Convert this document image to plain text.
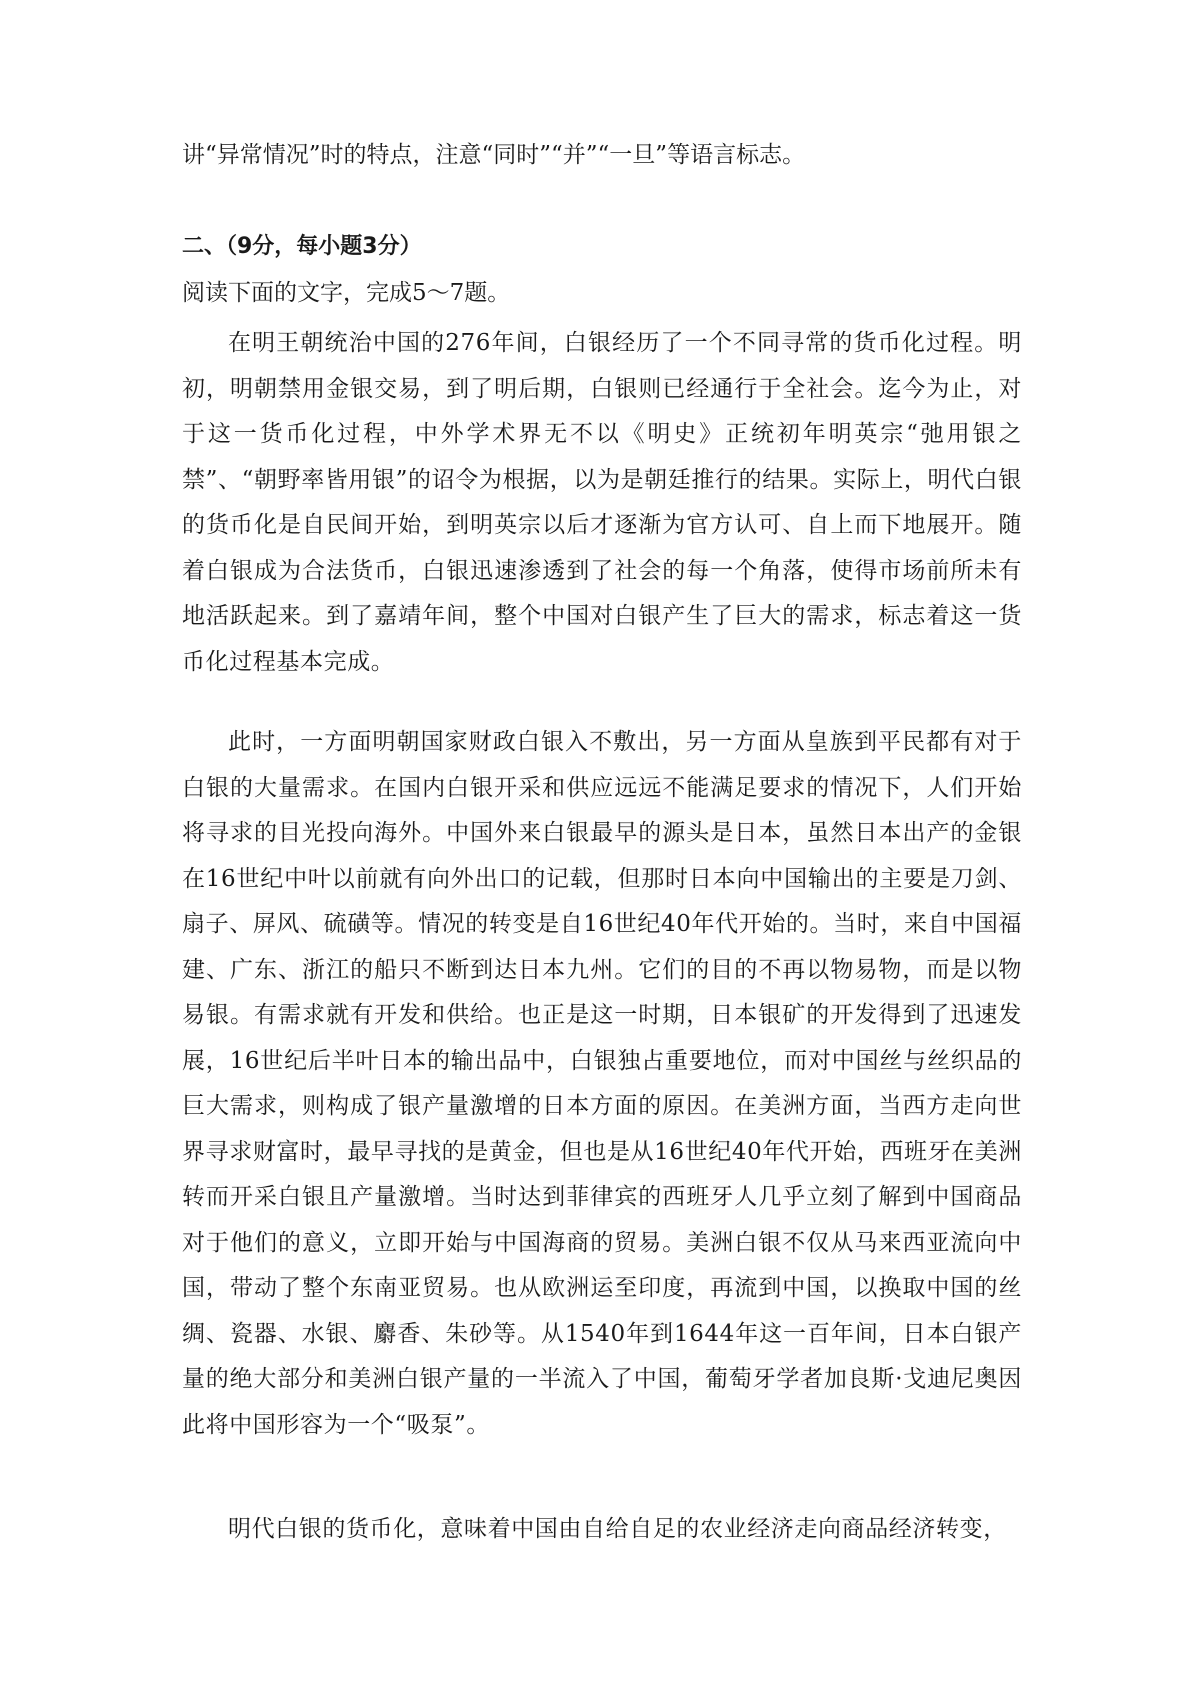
讲“异常情况”时的特点，注意“同时”“并”“一旦”等语言标志。

二、（9分，每小题3分）

阅读下面的文字，完成5～7题。

在明王朝统治中国的276年间，白银经历了一个不同寻常的货币化过程。明初，明朝禁用金银交易，到了明后期，白银则已经通行于全社会。迄今为止，对于这一货币化过程，中外学术界无不以《明史》正统初年明英宗“弛用银之禁”、“朝野率皆用银”的诏令为根据，以为是朝廷推行的结果。实际上，明代白银的货币化是自民间开始，到明英宗以后才逐渐为官方认可、自上而下地展开。随着白银成为合法货币，白银迅速渗透到了社会的每一个角落，使得市场前所未有地活跃起来。到了嘉靖年间，整个中国对白银产生了巨大的需求，标志着这一货币化过程基本完成。

此时，一方面明朝国家财政白银入不敷出，另一方面从皇族到平民都有对于白银的大量需求。在国内白银开采和供应远远不能满足要求的情况下，人们开始将寻求的目光投向海外。中国外来白银最早的源头是日本，虽然日本出产的金银在16世纪中叶以前就有向外出口的记载，但那时日本向中国输出的主要是刀剑、扇子、屏风、硫磺等。情况的转变是自16世纪40年代开始的。当时，来自中国福建、广东、浙江的船只不断到达日本九州。它们的目的不再以物易物，而是以物易银。有需求就有开发和供给。也正是这一时期，日本银矿的开发得到了迅速发展，16世纪后半叶日本的输出品中，白银独占重要地位，而对中国丝与丝织品的巨大需求，则构成了银产量激增的日本方面的原因。在美洲方面，当西方走向世界寻求财富时，最早寻找的是黄金，但也是从16世纪40年代开始，西班牙在美洲转而开采白银且产量激增。当时达到菲律宾的西班牙人几乎立刻了解到中国商品对于他们的意义，立即开始与中国海商的贸易。美洲白银不仅从马来西亚流向中国，带动了整个东南亚贸易。也从欧洲运至印度，再流到中国，以换取中国的丝绸、瓷器、水银、麝香、朱砂等。从1540年到1644年这一百年间，日本白银产量的绝大部分和美洲白银产量的一半流入了中国，葡萄牙学者加良斯·戈迪尼奥因此将中国形容为一个“吸泵”。

明代白银的货币化，意味着中国由自给自足的农业经济走向商品经济转变，
